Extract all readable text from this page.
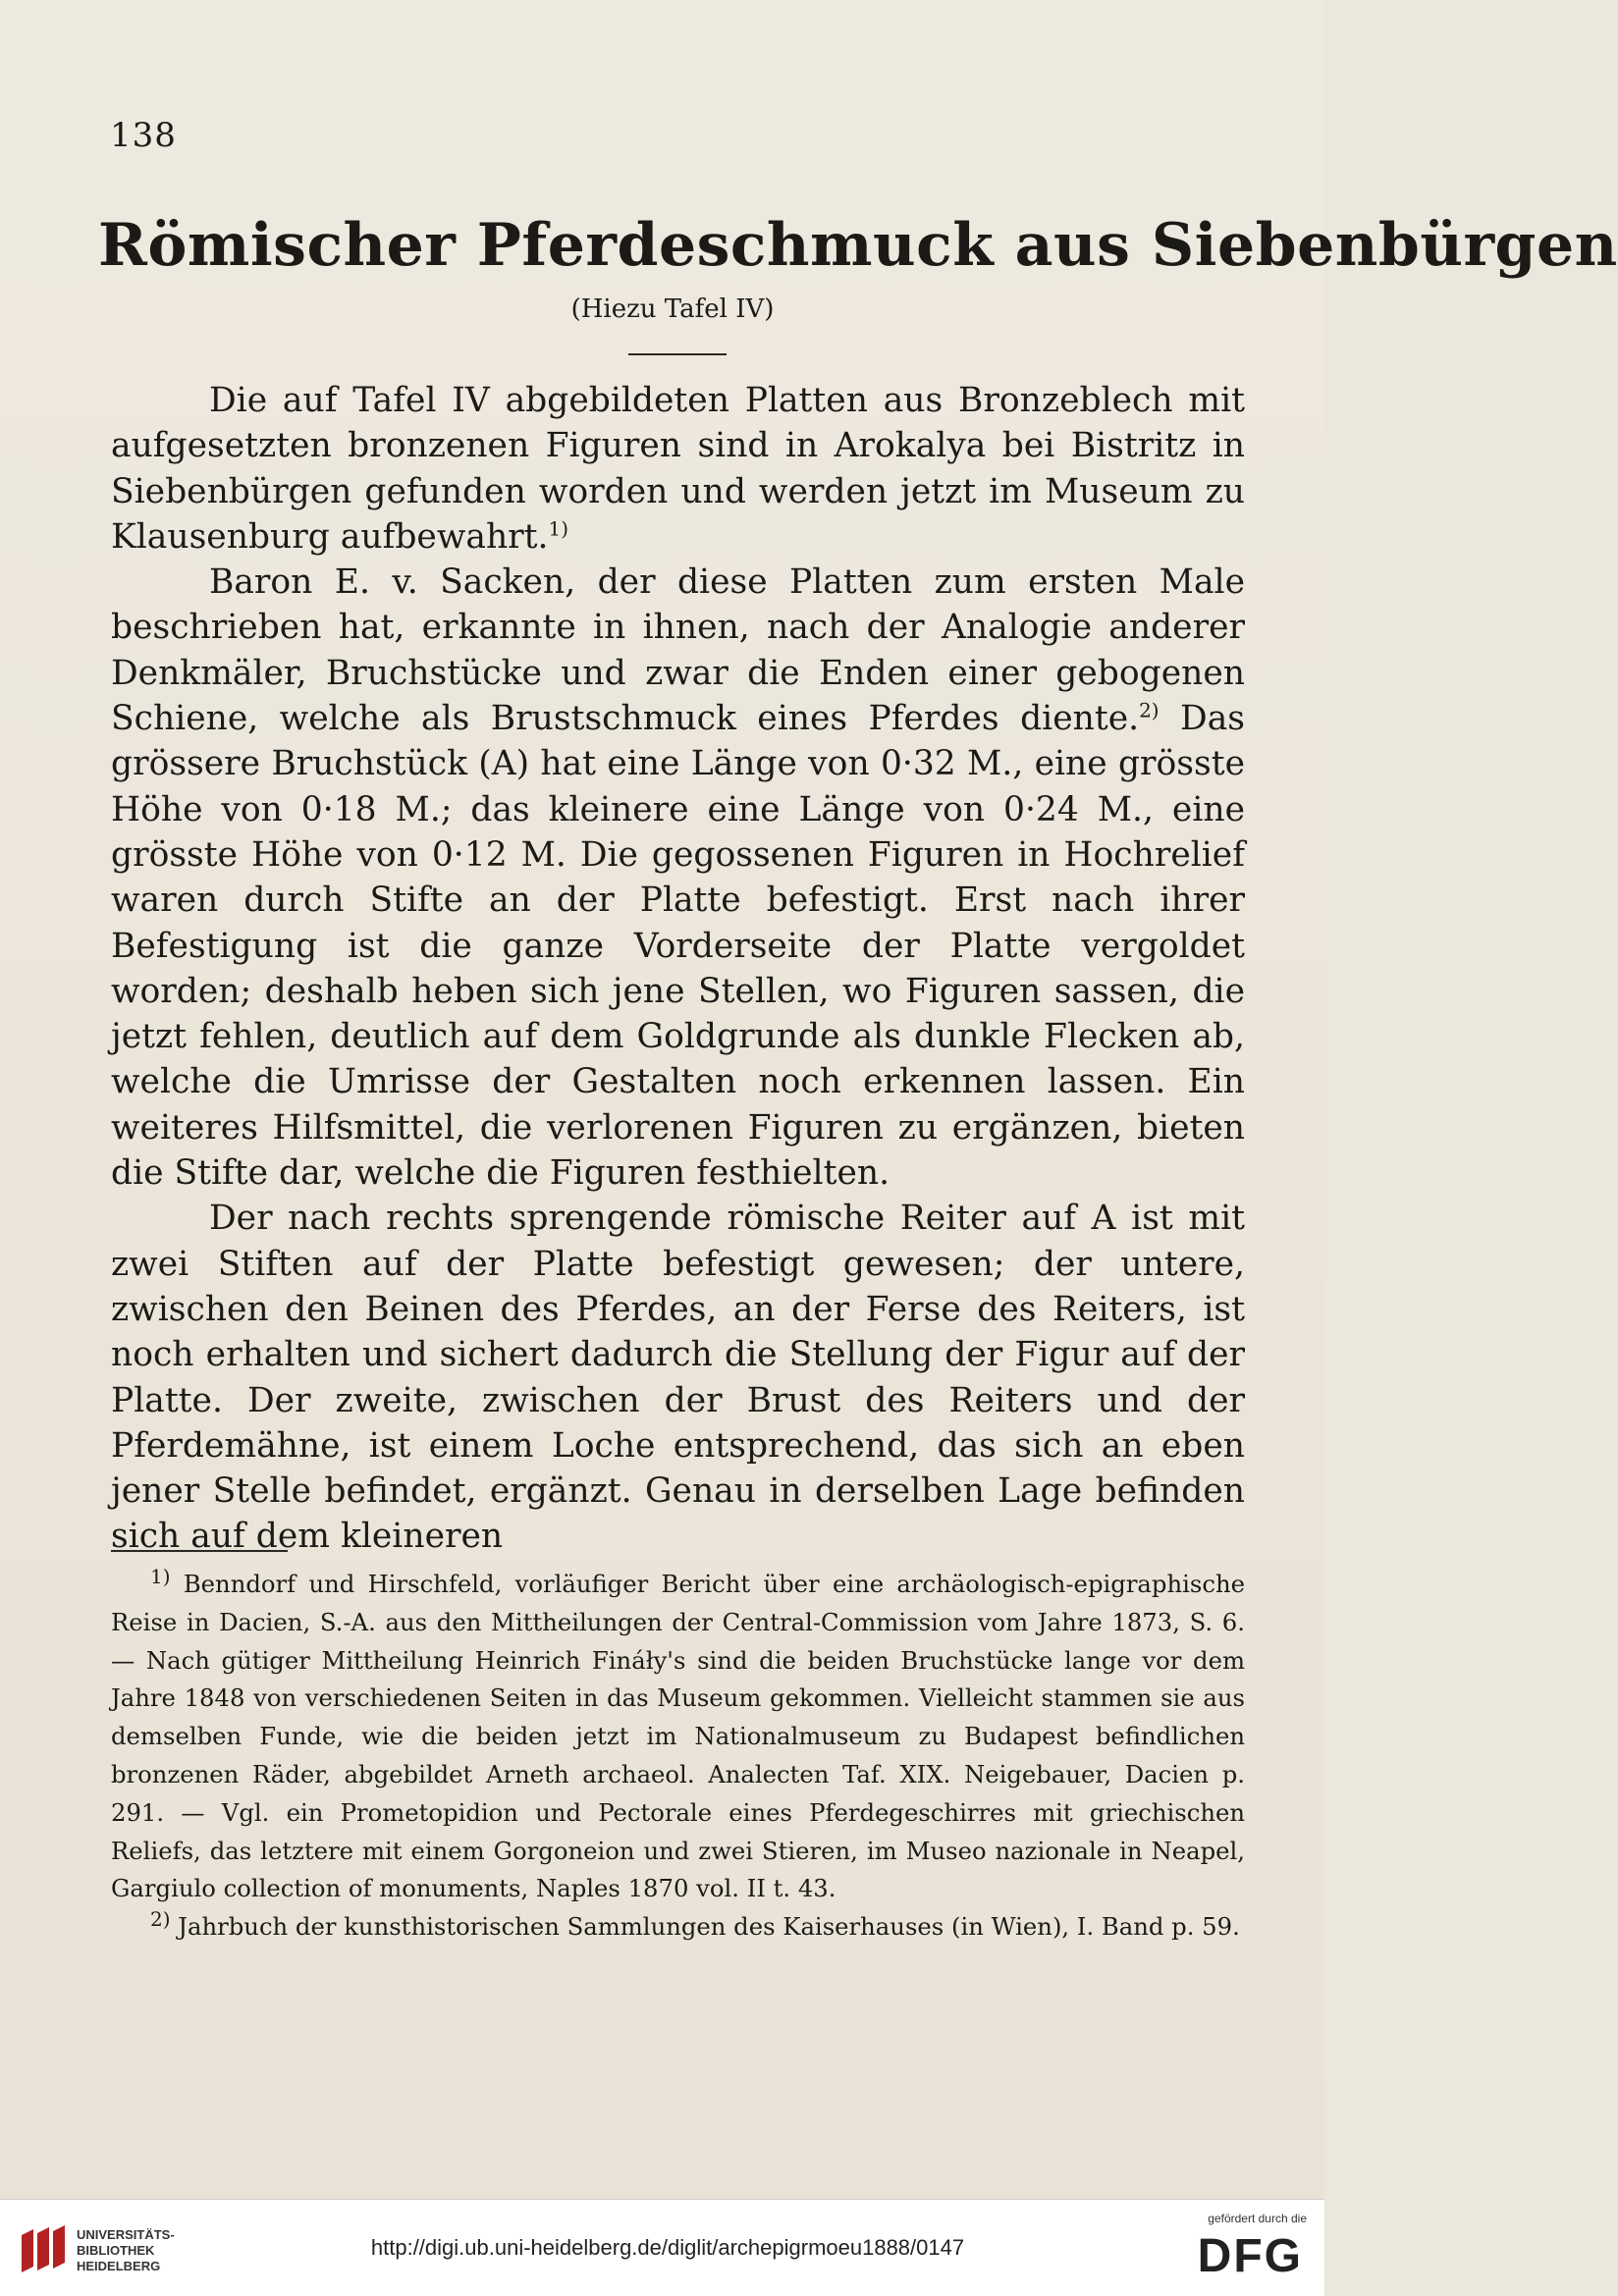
138
Römischer Pferdeschmuck aus Siebenbürgen
(Hiezu Tafel IV)

Die auf Tafel IV abgebildeten Platten aus Bronzeblech mit aufgesetzten bronzenen Figuren sind in Arokalya bei Bistritz in Siebenbürgen gefunden worden und werden jetzt im Museum zu Klausenburg aufbewahrt.$^{1)}$

Baron E. v. Sacken, der diese Platten zum ersten Male beschrieben hat, erkannte in ihnen, nach der Analogie anderer Denkmäler, Bruchstücke und zwar die Enden einer gebogenen Schiene, welche als Brustschmuck eines Pferdes diente.$^{2)}$ Das grössere Bruchstück (A) hat eine Länge von 0·32 M., eine grösste Höhe von 0·18 M.; das kleinere eine Länge von 0·24 M., eine grösste Höhe von 0·12 M. Die gegossenen Figuren in Hochrelief waren durch Stifte an der Platte befestigt. Erst nach ihrer Befestigung ist die ganze Vorderseite der Platte vergoldet worden; deshalb heben sich jene Stellen, wo Figuren sassen, die jetzt fehlen, deutlich auf dem Goldgrunde als dunkle Flecken ab, welche die Umrisse der Gestalten noch erkennen lassen. Ein weiteres Hilfsmittel, die verlorenen Figuren zu ergänzen, bieten die Stifte dar, welche die Figuren festhielten.

Der nach rechts sprengende römische Reiter auf A ist mit zwei Stiften auf der Platte befestigt gewesen; der untere, zwischen den Beinen des Pferdes, an der Ferse des Reiters, ist noch erhalten und sichert dadurch die Stellung der Figur auf der Platte. Der zweite, zwischen der Brust des Reiters und der Pferdemähne, ist einem Loche entsprechend, das sich an eben jener Stelle befindet, ergänzt. Genau in derselben Lage befinden sich auf dem kleineren

$^{1)}$ Benndorf und Hirschfeld, vorläufiger Bericht über eine archäologisch-epigraphische Reise in Dacien, S.-A. aus den Mittheilungen der Central-Commission vom Jahre 1873, S. 6. — Nach gütiger Mittheilung Heinrich Fináły's sind die beiden Bruchstücke lange vor dem Jahre 1848 von verschiedenen Seiten in das Museum gekommen. Vielleicht stammen sie aus demselben Funde, wie die beiden jetzt im Nationalmuseum zu Budapest befindlichen bronzenen Räder, abgebildet Arneth archaeol. Analecten Taf. XIX. Neigebauer, Dacien p. 291. — Vgl. ein Prometopidion und Pectorale eines Pferdegeschirres mit griechischen Reliefs, das letztere mit einem Gorgoneion und zwei Stieren, im Museo nazionale in Neapel, Gargiulo collection of monuments, Naples 1870 vol. II t. 43.

$^{2)}$ Jahrbuch der kunsthistorischen Sammlungen des Kaiserhauses (in Wien), I. Band p. 59.

UNIVERSITÄTS-
BIBLIOTHEK
HEIDELBERG
http://digi.ub.uni-heidelberg.de/diglit/archepigrmoeu1888/0147
gefördert durch die
DFG
